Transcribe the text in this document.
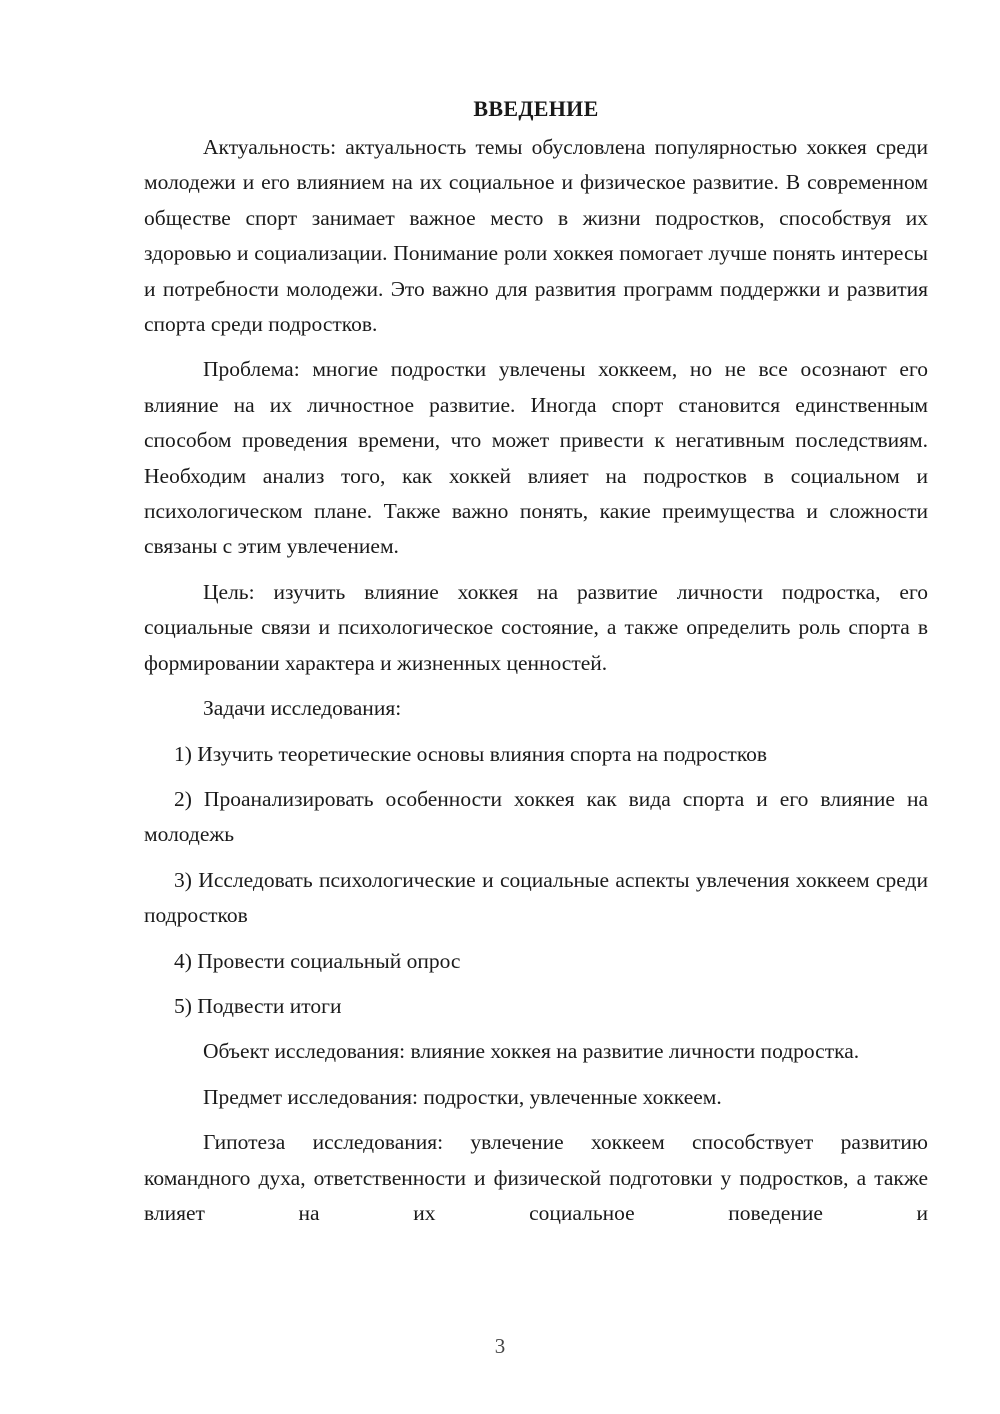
ВВЕДЕНИЕ

Актуальность: актуальность темы обусловлена популярностью хоккея среди молодежи и его влиянием на их социальное и физическое развитие. В современном обществе спорт занимает важное место в жизни подростков, способствуя их здоровью и социализации. Понимание роли хоккея помогает лучше понять интересы и потребности молодежи. Это важно для развития программ поддержки и развития спорта среди подростков.

Проблема: многие подростки увлечены хоккеем, но не все осознают его влияние на их личностное развитие. Иногда спорт становится единственным способом проведения времени, что может привести к негативным последствиям. Необходим анализ того, как хоккей влияет на подростков в социальном и психологическом плане. Также важно понять, какие преимущества и сложности связаны с этим увлечением.

Цель: изучить влияние хоккея на развитие личности подростка, его социальные связи и психологическое состояние, а также определить роль спорта в формировании характера и жизненных ценностей.

Задачи исследования:

1) Изучить теоретические основы влияния спорта на подростков

2) Проанализировать особенности хоккея как вида спорта и его влияние на молодежь

3) Исследовать психологические и социальные аспекты увлечения хоккеем среди подростков

4) Провести социальный опрос

5) Подвести итоги

Объект исследования: влияние хоккея на развитие личности подростка.

Предмет исследования: подростки, увлеченные хоккеем.

Гипотеза исследования: увлечение хоккеем способствует развитию командного духа, ответственности и физической подготовки у подростков, а также влияет на их социальное поведение и

3
